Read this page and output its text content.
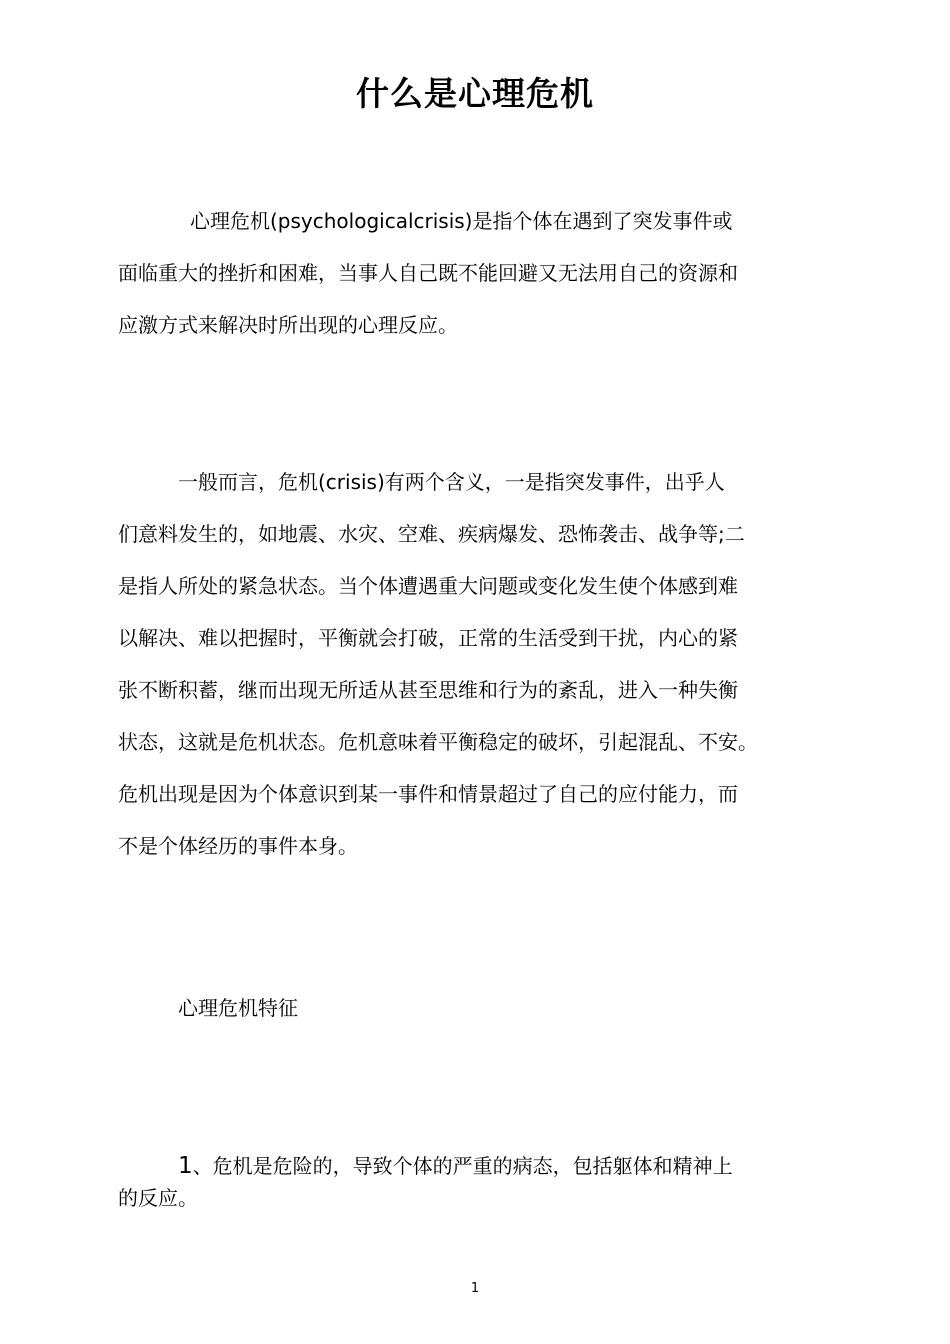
什么是心理危机
心理危机(psychologicalcrisis)是指个体在遇到了突发事件或
面临重大的挫折和困难，当事人自己既不能回避又无法用自己的资源和
应激方式来解决时所出现的心理反应。
一般而言，危机(crisis)有两个含义，一是指突发事件，出乎人
们意料发生的，如地震、水灾、空难、疾病爆发、恐怖袭击、战争等;二
是指人所处的紧急状态。当个体遭遇重大问题或变化发生使个体感到难
以解决、难以把握时，平衡就会打破，正常的生活受到干扰，内心的紧
张不断积蓄，继而出现无所适从甚至思维和行为的紊乱，进入一种失衡
状态，这就是危机状态。危机意味着平衡稳定的破坏，引起混乱、不安。
危机出现是因为个体意识到某一事件和情景超过了自己的应付能力，而
不是个体经历的事件本身。
心理危机特征
1、危机是危险的，导致个体的严重的病态，包括躯体和精神上
的反应。
1
